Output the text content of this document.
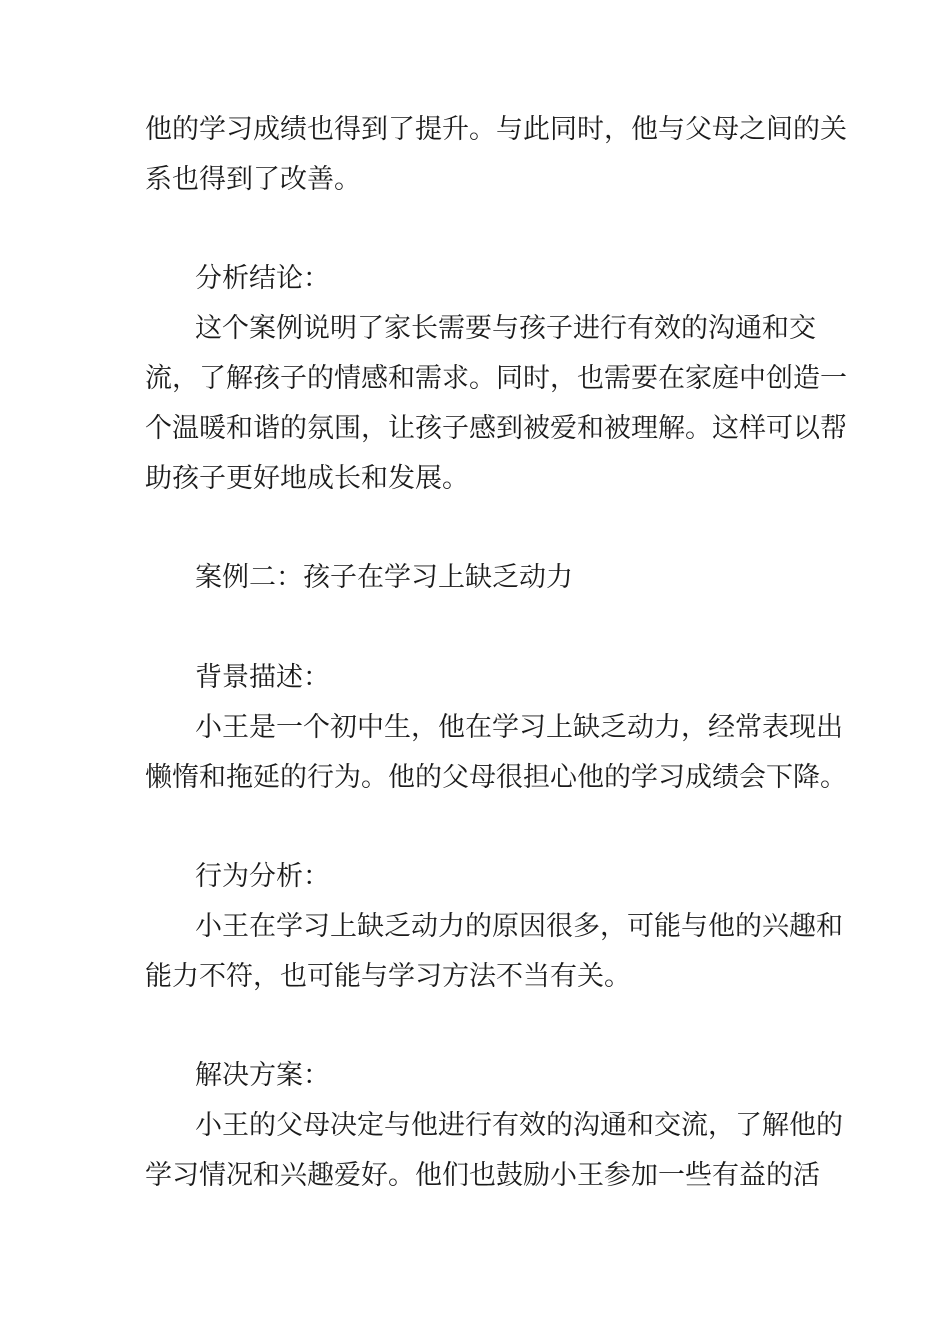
他的学习成绩也得到了提升。与此同时，他与父母之间的关
系也得到了改善。
分析结论：
这个案例说明了家长需要与孩子进行有效的沟通和交
流，了解孩子的情感和需求。同时，也需要在家庭中创造一
个温暖和谐的氛围，让孩子感到被爱和被理解。这样可以帮
助孩子更好地成长和发展。
案例二：孩子在学习上缺乏动力
背景描述：
小王是一个初中生，他在学习上缺乏动力，经常表现出
懒惰和拖延的行为。他的父母很担心他的学习成绩会下降。
行为分析：
小王在学习上缺乏动力的原因很多，可能与他的兴趣和
能力不符，也可能与学习方法不当有关。
解决方案：
小王的父母决定与他进行有效的沟通和交流，了解他的
学习情况和兴趣爱好。他们也鼓励小王参加一些有益的活
